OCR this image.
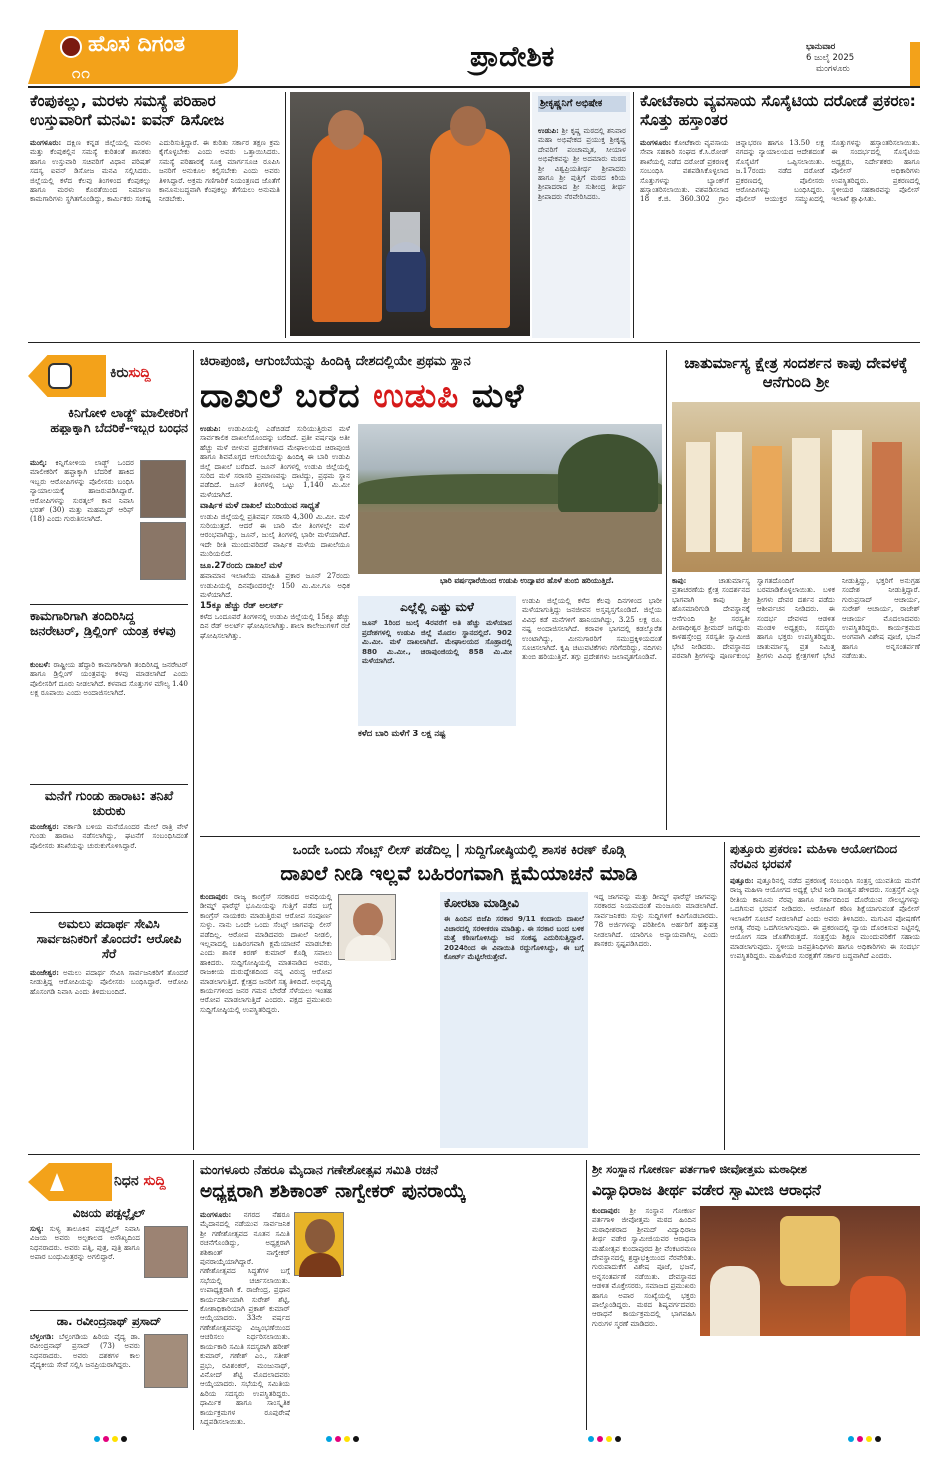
ಹೊಸ ದಿಗಂತ
೧೧	ಪ್ರಾದೇಶಿಕ	ಭಾನುವಾರ
6 ಜುಲೈ 2025
ಮಂಗಳೂರು
ಕೆಂಪುಕಲ್ಲು, ಮರಳು ಸಮಸ್ಯೆ ಪರಿಹಾರ ಉಸ್ತುವಾರಿಗೆ ಮನವಿ: ಐವನ್ ಡಿಸೋಜ
ಮಂಗಳೂರು: ದಕ್ಷಿಣ ಕನ್ನಡ ಜಿಲ್ಲೆಯಲ್ಲಿ ಮರಳು ಮತ್ತು ಕೆಂಪುಕಲ್ಲಿನ ಸಮಸ್ಯೆ ಕುರಿತಂತೆ ಶಾಸಕರು ಹಾಗೂ ಉಸ್ತುವಾರಿ ಸಚಿವರಿಗೆ ವಿಧಾನ ಪರಿಷತ್ ಸದಸ್ಯ ಐವನ್ ಡಿಸೋಜ ಮನವಿ ಸಲ್ಲಿಸಿದರು. ಜಿಲ್ಲೆಯಲ್ಲಿ ಕಳೆದ ಕೆಲವು ತಿಂಗಳಿಂದ ಕೆಂಪುಕಲ್ಲು ಹಾಗೂ ಮರಳು ಕೊರತೆಯಿಂದ ನಿರ್ಮಾಣ ಕಾಮಗಾರಿಗಳು ಸ್ಥಗಿತಗೊಂಡಿದ್ದು, ಕಾರ್ಮಿಕರು ಸಂಕಷ್ಟ ಎದುರಿಸುತ್ತಿದ್ದಾರೆ. ಈ ಕುರಿತು ಸರ್ಕಾರ ತಕ್ಷಣ ಕ್ರಮ ಕೈಗೊಳ್ಳಬೇಕು ಎಂದು ಅವರು ಒತ್ತಾಯಿಸಿದರು. ಸಮಸ್ಯೆ ಪರಿಹಾರಕ್ಕೆ ಸೂಕ್ತ ಮಾರ್ಗಸೂಚಿ ರೂಪಿಸಿ ಜನರಿಗೆ ಅನುಕೂಲ ಕಲ್ಪಿಸಬೇಕು ಎಂದು ಅವರು ತಿಳಿಸಿದ್ದಾರೆ. ಅಕ್ರಮ ಗಣಿಗಾರಿಕೆ ನಿಯಂತ್ರಣದ ಜೊತೆಗೆ ಕಾನೂನುಬದ್ಧವಾಗಿ ಕೆಂಪುಕಲ್ಲು ತೆಗೆಯಲು ಅನುಮತಿ ನೀಡಬೇಕು.
ಶ್ರೀಕೃಷ್ಣನಿಗೆ ಅಭಿಷೇಕ
ಉಡುಪಿ: ಶ್ರೀ ಕೃಷ್ಣ ಮಠದಲ್ಲಿ ಶನಿವಾರ ಮಹಾ ಅಭಿಷೇಕದ ಪ್ರಯುಕ್ತ ಶ್ರೀಕೃಷ್ಣ ದೇವರಿಗೆ ಪಂಚಾಮೃತ, ಸೀಯಾಳ ಅಭಿಷೇಕವನ್ನು ಶ್ರೀ ಅದಮಾರು ಮಠದ ಶ್ರೀ ವಿಶ್ವಪ್ರಿಯತೀರ್ಥ ಶ್ರೀಪಾದರು ಹಾಗೂ ಶ್ರೀ ಪುತ್ತಿಗೆ ಮಠದ ಕಿರಿಯ ಶ್ರೀಪಾದರಾದ ಶ್ರೀ ಸುಶೀಂದ್ರ ತೀರ್ಥ ಶ್ರೀಪಾದರು ನೆರವೇರಿಸಿದರು.
ಕೋಟೆಕಾರು ವ್ಯವಸಾಯ ಸೊಸೈಟಿಯ ದರೋಡೆ ಪ್ರಕರಣ: ಸೊತ್ತು ಹಸ್ತಾಂತರ
ಮಂಗಳೂರು: ಕೋಟೆಕಾರು ವ್ಯವಸಾಯ ಸೇವಾ ಸಹಕಾರಿ ಸಂಘದ ಕೆ.ಸಿ.ರೋಡ್ ಶಾಖೆಯಲ್ಲಿ ನಡೆದ ದರೋಡೆ ಪ್ರಕರಣಕ್ಕೆ ಸಂಬಂಧಿಸಿ ವಶಪಡಿಸಿಕೊಳ್ಳಲಾದ ಸೊತ್ತುಗಳನ್ನು ಬ್ಯಾಂಕ್‌ಗೆ ಹಸ್ತಾಂತರಿಸಲಾಯಿತು. ವಶಪಡಿಸಲಾದ 18 ಕೆ.ಜಿ. 360.302 ಗ್ರಾಂ ಚಿನ್ನಾಭರಣ ಹಾಗೂ 13.50 ಲಕ್ಷ ನಗದನ್ನು ನ್ಯಾಯಾಲಯದ ಆದೇಶದಂತೆ ಸೊಸೈಟಿಗೆ ಒಪ್ಪಿಸಲಾಯಿತು. ಜ.17ರಂದು ನಡೆದ ದರೋಡೆ ಪ್ರಕರಣದಲ್ಲಿ ಪೊಲೀಸರು ಆರೋಪಿಗಳನ್ನು ಬಂಧಿಸಿದ್ದರು. ಪೊಲೀಸ್ ಆಯುಕ್ತರ ಸಮ್ಮುಖದಲ್ಲಿ ಸೊತ್ತುಗಳನ್ನು ಹಸ್ತಾಂತರಿಸಲಾಯಿತು. ಈ ಸಂದರ್ಭದಲ್ಲಿ ಸೊಸೈಟಿಯ ಅಧ್ಯಕ್ಷರು, ನಿರ್ದೇಶಕರು ಹಾಗೂ ಪೊಲೀಸ್ ಅಧಿಕಾರಿಗಳು ಉಪಸ್ಥಿತರಿದ್ದರು. ಪ್ರಕರಣದಲ್ಲಿ ಸ್ಥಳೀಯರ ಸಹಕಾರವನ್ನು ಪೊಲೀಸ್ ಇಲಾಖೆ ಶ್ಲಾಘಿಸಿತು.
ಕಿರುಸುದ್ದಿ
ಕಿನಿಗೋಳಿ ಲಾಡ್ಜ್ ಮಾಲೀಕರಿಗೆ ಹಫ್ತಾಕ್ಕಾಗಿ ಬೆದರಿಕೆ-ಇಬ್ಬರ ಬಂಧನ
ಮುಲ್ಕಿ: ಕಿನ್ನಿಗೋಳಿಯ ಲಾಡ್ಜ್ ಒಂದರ ಮಾಲೀಕರಿಗೆ ಹಫ್ತಾಕ್ಕಾಗಿ ಬೆದರಿಕೆ ಹಾಕಿದ ಇಬ್ಬರು ಆರೋಪಿಗಳನ್ನು ಪೊಲೀಸರು ಬಂಧಿಸಿ ನ್ಯಾಯಾಲಯಕ್ಕೆ ಹಾಜರುಪಡಿಸಿದ್ದಾರೆ. ಆರೋಪಿಗಳನ್ನು ಸುರತ್ಕಲ್ ಕಾನ ನಿವಾಸಿ ಭರತ್ (30) ಮತ್ತು ಮಹಮ್ಮದ್ ಆರಿಫ್ (18) ಎಂದು ಗುರುತಿಸಲಾಗಿದೆ.
ಕಾಮಗಾರಿಗಾಗಿ ತಂದಿರಿಸಿದ್ದ ಜನರೇಟರ್, ಡ್ರಿಲ್ಲಿಂಗ್ ಯಂತ್ರ ಕಳವು
ಕುಂಬಳೆ: ರಾಷ್ಟ್ರೀಯ ಹೆದ್ದಾರಿ ಕಾಮಗಾರಿಗಾಗಿ ತಂದಿರಿಸಿದ್ದ ಜನರೇಟರ್ ಹಾಗೂ ಡ್ರಿಲ್ಲಿಂಗ್ ಯಂತ್ರವನ್ನು ಕಳವು ಮಾಡಲಾಗಿದೆ ಎಂದು ಪೊಲೀಸರಿಗೆ ದೂರು ನೀಡಲಾಗಿದೆ. ಕಳವಾದ ಸೊತ್ತುಗಳ ಮೌಲ್ಯ 1.40 ಲಕ್ಷ ರೂಪಾಯಿ ಎಂದು ಅಂದಾಜಿಸಲಾಗಿದೆ.
ಮನೆಗೆ ಗುಂಡು ಹಾರಾಟ: ತನಿಖೆ ಚುರುಕು
ಮಂಜೇಶ್ವರ: ವರ್ಕಾಡಿ ಬಳಿಯ ಮನೆಯೊಂದರ ಮೇಲೆ ರಾತ್ರಿ ವೇಳೆ ಗುಂಡು ಹಾರಾಟ ನಡೆಸಲಾಗಿದ್ದು, ಘಟನೆಗೆ ಸಂಬಂಧಿಸಿದಂತೆ ಪೊಲೀಸರು ತನಿಖೆಯನ್ನು ಚುರುಕುಗೊಳಿಸಿದ್ದಾರೆ.
ಅಮಲು ಪದಾರ್ಥ ಸೇವಿಸಿ ಸಾರ್ವಜನಿಕರಿಗೆ ತೊಂದರೆ: ಆರೋಪಿ ಸೆರೆ
ಮಂಜೇಶ್ವರ: ಅಮಲು ಪದಾರ್ಥ ಸೇವಿಸಿ ಸಾರ್ವಜನಿಕರಿಗೆ ತೊಂದರೆ ನೀಡುತ್ತಿದ್ದ ಆರೋಪಿಯನ್ನು ಪೊಲೀಸರು ಬಂಧಿಸಿದ್ದಾರೆ. ಆರೋಪಿ ಹೊಸಂಗಡಿ ನಿವಾಸಿ ಎಂದು ತಿಳಿದುಬಂದಿದೆ.
ಚಿರಾಪುಂಜಿ, ಆಗುಂಬೆಯನ್ನು ಹಿಂದಿಕ್ಕಿ ದೇಶದಲ್ಲಿಯೇ ಪ್ರಥಮ ಸ್ಥಾನ
ದಾಖಲೆ ಬರೆದ ಉಡುಪಿ ಮಳೆ
ಉಡುಪಿ: ಉಡುಪಿಯಲ್ಲಿ ಎಡೆಬಿಡದೆ ಸುರಿಯುತ್ತಿರುವ ಮಳೆ ಸಾರ್ವಕಾಲಿಕ ದಾಖಲೆಯೊಂದನ್ನು ಬರೆದಿದೆ. ಪ್ರತೀ ವರ್ಷವೂ ಅತೀ ಹೆಚ್ಚು ಮಳೆ ಬೀಳುವ ಪ್ರದೇಶಗಳಾದ ಮೇಘಾಲಯದ ಚಿರಾಪುಂಜಿ ಹಾಗೂ ಶಿವಮೊಗ್ಗದ ಆಗುಂಬೆಯನ್ನು ಹಿಂದಿಕ್ಕಿ ಈ ಬಾರಿ ಉಡುಪಿ ಜಿಲ್ಲೆ ದಾಖಲೆ ಬರೆದಿದೆ. ಜೂನ್ ತಿಂಗಳಲ್ಲಿ ಉಡುಪಿ ಜಿಲ್ಲೆಯಲ್ಲಿ ಸುರಿದ ಮಳೆ ಸರಾಸರಿ ಪ್ರಮಾಣವನ್ನು ದಾಟಿದ್ದು, ಪ್ರಥಮ ಸ್ಥಾನ ಪಡೆದಿದೆ. ಜೂನ್ ತಿಂಗಳಲ್ಲಿ ಒಟ್ಟು 1,140 ಮಿ.ಮೀ ಮಳೆಯಾಗಿದೆ.
ವಾರ್ಷಿಕ ಮಳೆ ದಾಖಲೆ ಮುರಿಯುವ ಸಾಧ್ಯತೆ
ಉಡುಪಿ ಜಿಲ್ಲೆಯಲ್ಲಿ ಪ್ರತಿವರ್ಷ ಸರಾಸರಿ 4,300 ಮಿ.ಮೀ. ಮಳೆ ಸುರಿಯುತ್ತದೆ. ಆದರೆ ಈ ಬಾರಿ ಮೇ ತಿಂಗಳಲ್ಲೇ ಮಳೆ ಆರಂಭವಾಗಿದ್ದು, ಜೂನ್, ಜುಲೈ ತಿಂಗಳಲ್ಲಿ ಭಾರೀ ಮಳೆಯಾಗಿದೆ. ಇದೇ ರೀತಿ ಮುಂದುವರಿದರೆ ವಾರ್ಷಿಕ ಮಳೆಯ ದಾಖಲೆಯೂ ಮುರಿಯಲಿದೆ.
ಜೂ.27ರಂದು ದಾಖಲೆ ಮಳೆ
ಹವಾಮಾನ ಇಲಾಖೆಯ ಮಾಹಿತಿ ಪ್ರಕಾರ ಜೂನ್ 27ರಂದು ಉಡುಪಿಯಲ್ಲಿ ದಿನವೊಂದರಲ್ಲೇ 150 ಮಿ.ಮೀ.ಗೂ ಅಧಿಕ ಮಳೆಯಾಗಿದೆ.
15ಕ್ಕೂ ಹೆಚ್ಚು ರೆಡ್ ಅಲರ್ಟ್
ಕಳೆದ ಒಂದೂವರೆ ತಿಂಗಳಿನಲ್ಲಿ ಉಡುಪಿ ಜಿಲ್ಲೆಯಲ್ಲಿ 15ಕ್ಕೂ ಹೆಚ್ಚು ದಿನ ರೆಡ್ ಅಲರ್ಟ್ ಘೋಷಿಸಲಾಗಿತ್ತು. ಶಾಲಾ ಕಾಲೇಜುಗಳಿಗೆ ರಜೆ ಘೋಷಿಸಲಾಗಿತ್ತು.
ಭಾರಿ ವರ್ಷಧಾರೆಯಿಂದ ಉಡುಪಿ ಉದ್ಯಾವರ ಹೊಳೆ ತುಂಬಿ ಹರಿಯುತ್ತಿದೆ.
ಎಲ್ಲೆಲ್ಲಿ ಎಷ್ಟು ಮಳೆ
ಜೂನ್ 1ರಿಂದ ಜುಲೈ 4ರವರೆಗೆ ಅತಿ ಹೆಚ್ಚು ಮಳೆಯಾದ ಪ್ರದೇಶಗಳಲ್ಲಿ ಉಡುಪಿ ಜಿಲ್ಲೆ ಮೊದಲ ಸ್ಥಾನದಲ್ಲಿದೆ. 902 ಮಿ.ಮೀ. ಮಳೆ ದಾಖಲಾಗಿದೆ. ಮೇಘಾಲಯದ ಸೊಹ್ರಾದಲ್ಲಿ 880 ಮಿ.ಮೀ., ಚಿರಾಪುಂಜಿಯಲ್ಲಿ 858 ಮಿ.ಮೀ ಮಳೆಯಾಗಿದೆ.
ಉಡುಪಿ ಜಿಲ್ಲೆಯಲ್ಲಿ ಕಳೆದ ಕೆಲವು ದಿನಗಳಿಂದ ಭಾರೀ ಮಳೆಯಾಗುತ್ತಿದ್ದು ಜನಜೀವನ ಅಸ್ತವ್ಯಸ್ತಗೊಂಡಿದೆ. ಜಿಲ್ಲೆಯ ವಿವಿಧ ಕಡೆ ಮನೆಗಳಿಗೆ ಹಾನಿಯಾಗಿದ್ದು, 3.25 ಲಕ್ಷ ರೂ. ನಷ್ಟ ಅಂದಾಜಿಸಲಾಗಿದೆ. ಕರಾವಳಿ ಭಾಗದಲ್ಲಿ ಕಡಲ್ಕೊರೆತ ಉಂಟಾಗಿದ್ದು, ಮೀನುಗಾರರಿಗೆ ಸಮುದ್ರಕ್ಕಿಳಿಯದಂತೆ ಸೂಚಿಸಲಾಗಿದೆ. ಕೃಷಿ ಚಟುವಟಿಕೆಗಳು ಗರಿಗೆದರಿದ್ದು, ನದಿಗಳು ತುಂಬಿ ಹರಿಯುತ್ತಿವೆ. ತಗ್ಗು ಪ್ರದೇಶಗಳು ಜಲಾವೃತಗೊಂಡಿವೆ.
ಕಳೆದ ಬಾರಿ ಮಳೆಗೆ 3 ಲಕ್ಷ ನಷ್ಟ
ಚಾತುರ್ಮಾಸ್ಯ ಕ್ಷೇತ್ರ ಸಂದರ್ಶನ ಕಾಪು ದೇವಳಕ್ಕೆ ಆನೆಗುಂದಿ ಶ್ರೀ
ಕಾಪು:	ಚಾತುರ್ಮಾಸ್ಯ ವ್ರತಾಚರಣೆಯ ಕ್ಷೇತ್ರ ಸಂದರ್ಶನದ ಭಾಗವಾಗಿ ಕಾಪು ಶ್ರೀ ಹೊಸಮಾರಿಗುಡಿ ದೇವಸ್ಥಾನಕ್ಕೆ ಆನೆಗುಂದಿ ಶ್ರೀ ಸರಸ್ವತೀ ಪೀಠಾಧೀಶ್ವರ ಶ್ರೀಮದ್ ಜಗದ್ಗುರು ಕಾಳಹಸ್ತೇಂದ್ರ ಸರಸ್ವತೀ ಸ್ವಾಮೀಜಿ ಭೇಟಿ ನೀಡಿದರು. ದೇವಸ್ಥಾನದ ಪರವಾಗಿ ಶ್ರೀಗಳನ್ನು ಪೂರ್ಣಕುಂಭ ಸ್ವಾಗತದೊಂದಿಗೆ ಬರಮಾಡಿಕೊಳ್ಳಲಾಯಿತು. ಬಳಿಕ ಶ್ರೀಗಳು ದೇವರ ದರ್ಶನ ಪಡೆದು ಆಶೀರ್ವಚನ ನೀಡಿದರು. ಈ ಸಂದರ್ಭ ದೇವಳದ ಆಡಳಿತ ಮಂಡಳಿ ಅಧ್ಯಕ್ಷರು, ಸದಸ್ಯರು ಹಾಗೂ ಭಕ್ತರು ಉಪಸ್ಥಿತರಿದ್ದರು. ಚಾತುರ್ಮಾಸ್ಯ ವ್ರತ ನಿಮಿತ್ತ ಶ್ರೀಗಳು ವಿವಿಧ ಕ್ಷೇತ್ರಗಳಿಗೆ ಭೇಟಿ ನೀಡುತ್ತಿದ್ದು, ಭಕ್ತರಿಗೆ ಅನುಗ್ರಹ ಸಂದೇಶ ನೀಡುತ್ತಿದ್ದಾರೆ. ಗುರುಪ್ರಸಾದ್ ಆಚಾರ್ಯ, ಸುರೇಶ್ ಆಚಾರ್ಯ, ರಾಜೇಶ್ ಆಚಾರ್ಯ ಮೊದಲಾದವರು ಉಪಸ್ಥಿತರಿದ್ದರು. ಕಾರ್ಯಕ್ರಮದ ಅಂಗವಾಗಿ ವಿಶೇಷ ಪೂಜೆ, ಭಜನೆ ಹಾಗೂ ಅನ್ನಸಂತರ್ಪಣೆ ನಡೆಯಿತು.
ಒಂದೇ ಒಂದು ಸೆಂಟ್ಸ್ ಲೀಸ್ ಪಡೆದಿಲ್ಲ | ಸುದ್ದಿಗೋಷ್ಠಿಯಲ್ಲಿ ಶಾಸಕ ಕಿರಣ್ ಕೊಡ್ಗಿ
ದಾಖಲೆ ನೀಡಿ ಇಲ್ಲವೆ ಬಹಿರಂಗವಾಗಿ ಕ್ಷಮೆಯಾಚನೆ ಮಾಡಿ
ಕುಂದಾಪುರ: ರಾಜ್ಯ ಕಾಂಗ್ರೆಸ್ ಸರಕಾರದ ಅವಧಿಯಲ್ಲಿ ಡೀಮ್ಡ್ ಫಾರೆಸ್ಟ್ ಭೂಮಿಯನ್ನು ಗುತ್ತಿಗೆ ಪಡೆದ ಬಗ್ಗೆ ಕಾಂಗ್ರೆಸ್ ನಾಯಕರು ಮಾಡುತ್ತಿರುವ ಆರೋಪ ಸಂಪೂರ್ಣ ಸುಳ್ಳು. ನಾನು ಒಂದೇ ಒಂದು ಸೆಂಟ್ಸ್ ಜಾಗವನ್ನು ಲೀಸ್ ಪಡೆದಿಲ್ಲ. ಆರೋಪ ಮಾಡಿದವರು ದಾಖಲೆ ನೀಡಲಿ, ಇಲ್ಲವಾದಲ್ಲಿ ಬಹಿರಂಗವಾಗಿ ಕ್ಷಮೆಯಾಚನೆ ಮಾಡಬೇಕು ಎಂದು ಶಾಸಕ ಕಿರಣ್ ಕುಮಾರ್ ಕೊಡ್ಗಿ ಸವಾಲು ಹಾಕಿದರು. ಸುದ್ದಿಗೋಷ್ಠಿಯಲ್ಲಿ ಮಾತನಾಡಿದ ಅವರು, ರಾಜಕೀಯ ದುರುದ್ದೇಶದಿಂದ ನನ್ನ ವಿರುದ್ಧ ಆರೋಪ ಮಾಡಲಾಗುತ್ತಿದೆ. ಕ್ಷೇತ್ರದ ಜನರಿಗೆ ಸತ್ಯ ತಿಳಿದಿದೆ. ಅಭಿವೃದ್ಧಿ ಕಾರ್ಯಗಳಿಂದ ಜನರ ಗಮನ ಬೇರೆಡೆ ಸೆಳೆಯಲು ಇಂತಹ ಆರೋಪ ಮಾಡಲಾಗುತ್ತಿದೆ ಎಂದರು. ಪಕ್ಷದ ಪ್ರಮುಖರು ಸುದ್ದಿಗೋಷ್ಠಿಯಲ್ಲಿ ಉಪಸ್ಥಿತರಿದ್ದರು.
ಕೋರಟಾ ಮಾಡ್ತೀವಿ
ಈ ಹಿಂದಿನ ಬಿಜೆಪಿ ಸರಕಾರ 9/11 ಕಂದಾಯ ದಾಖಲೆ ವಿಚಾರದಲ್ಲಿ ಸರಳೀಕರಣ ಮಾಡಿತ್ತು. ಈ ಸರಕಾರ ಬಂದ ಬಳಿಕ ಮತ್ತೆ ಕಠಿಣಗೊಳಿಸಿದ್ದು ಜನ ಸಂಕಷ್ಟ ಎದುರಿಸುತ್ತಿದ್ದಾರೆ. 2024ರಿಂದ ಈ ವಿನಾಯಿತಿ ರದ್ದುಗೊಳಿಸಿದ್ದು, ಈ ಬಗ್ಗೆ ಕೋರ್ಟ್ ಮೆಟ್ಟಿಲೇರುತ್ತೇವೆ.
ಇದ್ದ ಜಾಗವನ್ನು ಮತ್ತು ಡೀಮ್ಡ್ ಫಾರೆಸ್ಟ್ ಜಾಗವನ್ನು ಸರಕಾರದ ನಿಯಮದಂತೆ ಮಂಜೂರು ಮಾಡಲಾಗಿದೆ. ಸಾರ್ವಜನಿಕರು ಸುಳ್ಳು ಸುದ್ದಿಗಳಿಗೆ ಕಿವಿಗೊಡಬಾರದು. 78 ಅರ್ಜಿಗಳನ್ನು ಪರಿಶೀಲಿಸಿ ಅರ್ಹರಿಗೆ ಹಕ್ಕುಪತ್ರ ನೀಡಲಾಗಿದೆ. ಯಾರಿಗೂ ಅನ್ಯಾಯವಾಗಿಲ್ಲ ಎಂದು ಶಾಸಕರು ಸ್ಪಷ್ಟಪಡಿಸಿದರು.
ಪುತ್ತೂರು ಪ್ರಕರಣ: ಮಹಿಳಾ ಆಯೋಗದಿಂದ ನೆರವಿನ ಭರವಸೆ
ಪುತ್ತೂರು: ಪುತ್ತೂರಿನಲ್ಲಿ ನಡೆದ ಪ್ರಕರಣಕ್ಕೆ ಸಂಬಂಧಿಸಿ ಸಂತ್ರಸ್ತ ಯುವತಿಯ ಮನೆಗೆ ರಾಜ್ಯ ಮಹಿಳಾ ಆಯೋಗದ ಅಧ್ಯಕ್ಷೆ ಭೇಟಿ ನೀಡಿ ಸಾಂತ್ವನ ಹೇಳಿದರು. ಸಂತ್ರಸ್ತೆಗೆ ಎಲ್ಲಾ ರೀತಿಯ ಕಾನೂನು ನೆರವು ಹಾಗೂ ಸರ್ಕಾರದಿಂದ ದೊರೆಯುವ ಸೌಲಭ್ಯಗಳನ್ನು ಒದಗಿಸುವ ಭರವಸೆ ನೀಡಿದರು. ಆರೋಪಿಗೆ ಕಠಿಣ ಶಿಕ್ಷೆಯಾಗುವಂತೆ ಪೊಲೀಸ್ ಇಲಾಖೆಗೆ ಸೂಚನೆ ನೀಡಲಾಗಿದೆ ಎಂದು ಅವರು ತಿಳಿಸಿದರು. ಮಗುವಿನ ಪೋಷಣೆಗೆ ಅಗತ್ಯ ನೆರವು ಒದಗಿಸಲಾಗುವುದು. ಈ ಪ್ರಕರಣದಲ್ಲಿ ನ್ಯಾಯ ದೊರಕಿಸುವ ನಿಟ್ಟಿನಲ್ಲಿ ಆಯೋಗ ಸದಾ ಜೊತೆಗಿರುತ್ತದೆ. ಸಂತ್ರಸ್ತೆಯ ಶಿಕ್ಷಣ ಮುಂದುವರಿಕೆಗೆ ಸಹಾಯ ಮಾಡಲಾಗುವುದು. ಸ್ಥಳೀಯ ಜನಪ್ರತಿನಿಧಿಗಳು ಹಾಗೂ ಅಧಿಕಾರಿಗಳು ಈ ಸಂದರ್ಭ ಉಪಸ್ಥಿತರಿದ್ದರು. ಮಹಿಳೆಯರ ಸುರಕ್ಷತೆಗೆ ಸರ್ಕಾರ ಬದ್ಧವಾಗಿದೆ ಎಂದರು.
ನಿಧನ ಸುದ್ದಿ
ವಿಜಯ ಪಡ್ಪಲ್ಲೈಲ್
ಸುಳ್ಯ: ಸುಳ್ಯ ತಾಲೂಕಿನ ಪಡ್ಪಲ್ಲೈಲ್ ನಿವಾಸಿ ವಿಜಯ ಅವರು ಅಲ್ಪಕಾಲದ ಅಸೌಖ್ಯದಿಂದ ನಿಧನರಾದರು. ಅವರು ಪತ್ನಿ, ಪುತ್ರ, ಪುತ್ರಿ ಹಾಗೂ ಅಪಾರ ಬಂಧುಮಿತ್ರರನ್ನು ಅಗಲಿದ್ದಾರೆ.
ಡಾ. ರವೀಂದ್ರನಾಥ್ ಪ್ರಸಾದ್
ಬೆಳ್ತಂಗಡಿ: ಬೆಳ್ತಂಗಡಿಯ ಹಿರಿಯ ವೈದ್ಯ ಡಾ. ರವೀಂದ್ರನಾಥ್ ಪ್ರಸಾದ್ (73) ಅವರು ನಿಧನರಾದರು. ಅವರು ದಶಕಗಳ ಕಾಲ ವೈದ್ಯಕೀಯ ಸೇವೆ ಸಲ್ಲಿಸಿ ಜನಪ್ರಿಯರಾಗಿದ್ದರು.
ಮಂಗಳೂರು ನೆಹರೂ ಮೈದಾನ ಗಣೇಶೋತ್ಸವ ಸಮಿತಿ ರಚನೆ
ಅಧ್ಯಕ್ಷರಾಗಿ ಶಶಿಕಾಂತ್ ನಾಗ್ವೇಕರ್ ಪುನರಾಯ್ಕೆ
ಮಂಗಳೂರು: ನಗರದ ನೆಹರೂ ಮೈದಾನದಲ್ಲಿ ನಡೆಯುವ ಸಾರ್ವಜನಿಕ ಶ್ರೀ ಗಣೇಶೋತ್ಸವದ ನೂತನ ಸಮಿತಿ ರಚನೆಗೊಂಡಿದ್ದು, ಅಧ್ಯಕ್ಷರಾಗಿ ಶಶಿಕಾಂತ್ ನಾಗ್ವೇಕರ್ ಪುನರಾಯ್ಕೆಯಾಗಿದ್ದಾರೆ. ಗಣೇಶೋತ್ಸವದ ಸಿದ್ಧತೆಗಳ ಬಗ್ಗೆ ಸಭೆಯಲ್ಲಿ ಚರ್ಚಿಸಲಾಯಿತು. ಉಪಾಧ್ಯಕ್ಷರಾಗಿ ಕೆ. ರಾಜೇಂದ್ರ, ಪ್ರಧಾನ ಕಾರ್ಯದರ್ಶಿಯಾಗಿ ಸುರೇಶ್ ಶೆಟ್ಟಿ, ಕೋಶಾಧಿಕಾರಿಯಾಗಿ ಪ್ರಕಾಶ್ ಕುಮಾರ್ ಆಯ್ಕೆಯಾದರು. 33ನೇ ವರ್ಷದ ಗಣೇಶೋತ್ಸವವನ್ನು ವಿಜೃಂಭಣೆಯಿಂದ ಆಚರಿಸಲು ನಿರ್ಧರಿಸಲಾಯಿತು. ಕಾರ್ಯಕಾರಿ ಸಮಿತಿ ಸದಸ್ಯರಾಗಿ ಹರೀಶ್ ಕುಮಾರ್, ಗಣೇಶ್ ಎಂ., ಸತೀಶ್ ಪ್ರಭು, ರವಿಶಂಕರ್, ಮಂಜುನಾಥ್, ವಿನೋದ್ ಶೆಟ್ಟಿ ಮೊದಲಾದವರು ಆಯ್ಕೆಯಾದರು. ಸಭೆಯಲ್ಲಿ ಸಮಿತಿಯ ಹಿರಿಯ ಸದಸ್ಯರು ಉಪಸ್ಥಿತರಿದ್ದರು. ಧಾರ್ಮಿಕ ಹಾಗೂ ಸಾಂಸ್ಕೃತಿಕ ಕಾರ್ಯಕ್ರಮಗಳ ರೂಪುರೇಷೆ ಸಿದ್ಧಪಡಿಸಲಾಯಿತು.
ಶ್ರೀ ಸಂಸ್ಥಾನ ಗೋಕರ್ಣ ಪರ್ತಗಾಳಿ ಜೀವೋತ್ತಮ ಮಠಾಧೀಶ
ವಿದ್ಯಾಧಿರಾಜ ತೀರ್ಥ ವಡೇರ ಸ್ವಾಮೀಜಿ ಆರಾಧನೆ
ಕುಂದಾಪುರ: ಶ್ರೀ ಸಂಸ್ಥಾನ ಗೋಕರ್ಣ ಪರ್ತಗಾಳಿ ಜೀವೋತ್ತಮ ಮಠದ ಹಿಂದಿನ ಮಠಾಧೀಶರಾದ ಶ್ರೀಮದ್ ವಿದ್ಯಾಧಿರಾಜ ತೀರ್ಥ ವಡೇರ ಸ್ವಾಮೀಜಿಯವರ ಆರಾಧನಾ ಮಹೋತ್ಸವ ಕುಂದಾಪುರದ ಶ್ರೀ ವೆಂಕಟರಮಣ ದೇವಸ್ಥಾನದಲ್ಲಿ ಶ್ರದ್ಧಾಭಕ್ತಿಯಿಂದ ನೆರವೇರಿತು. ಗುರುಪಾದುಕೆಗೆ ವಿಶೇಷ ಪೂಜೆ, ಭಜನೆ, ಅನ್ನಸಂತರ್ಪಣೆ ನಡೆಯಿತು. ದೇವಸ್ಥಾನದ ಆಡಳಿತ ಮೊಕ್ತೇಸರರು, ಸಮಾಜದ ಪ್ರಮುಖರು ಹಾಗೂ ಅಪಾರ ಸಂಖ್ಯೆಯಲ್ಲಿ ಭಕ್ತರು ಪಾಲ್ಗೊಂಡಿದ್ದರು. ಮಠದ ಶಿಷ್ಯವರ್ಗದವರು ಆರಾಧನೆ ಕಾರ್ಯಕ್ರಮದಲ್ಲಿ ಭಾಗವಹಿಸಿ ಗುರುಗಳ ಸ್ಮರಣೆ ಮಾಡಿದರು.
